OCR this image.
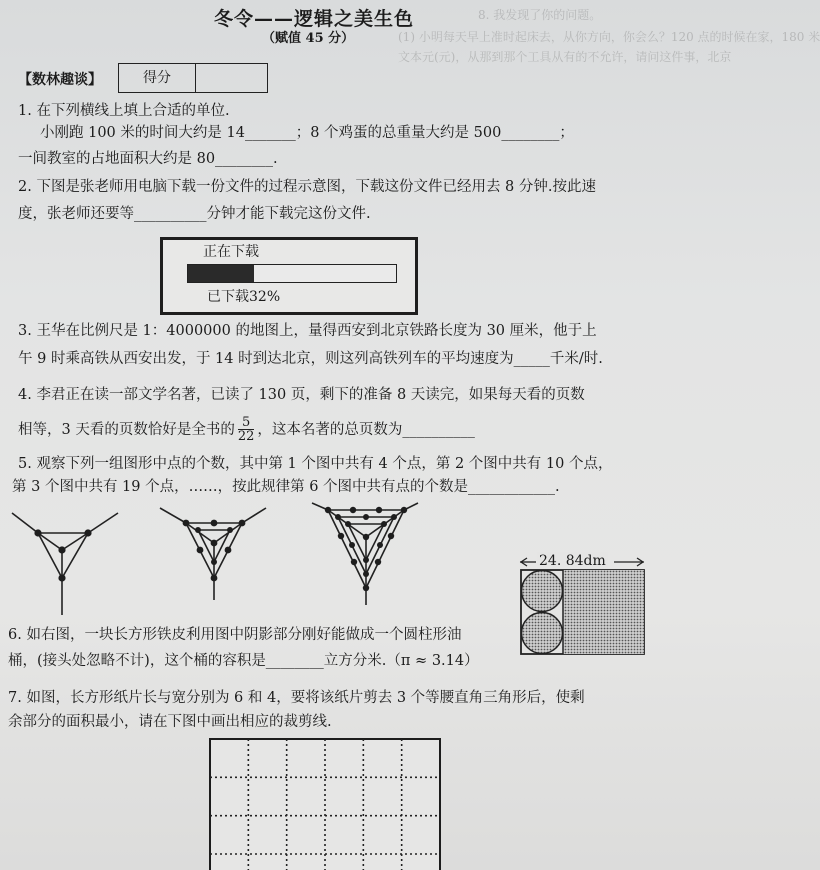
8. 我发现了你的问题。
(1) 小明每天早上准时起床去，从你方向，你会么？120 点的时候在家，180 米
文本元(元)，从那到那个工具从有的不允许，请问这件事，北京
冬令——逻辑之美生色
（赋值 45 分）
【数林趣谈】	得分
1. 在下列横线上填上合适的单位.
小刚跑 100 米的时间大约是 14_______；8 个鸡蛋的总重量大约是 500________；
一间教室的占地面积大约是 80________.
2. 下图是张老师用电脑下载一份文件的过程示意图，下载这份文件已经用去 8 分钟.按此速
度，张老师还要等__________分钟才能下载完这份文件.
正在下载
已下载32%
3. 王华在比例尺是 1：4000000 的地图上，量得西安到北京铁路长度为 30 厘米，他于上
午 9 时乘高铁从西安出发，于 14 时到达北京，则这列高铁列车的平均速度为_____千米/时.
4. 李君正在读一部文学名著，已读了 130 页，剩下的准备 8 天读完，如果每天看的页数
相等，3 天看的页数恰好是全书的 $\frac{5}{22}$ ，这本名著的总页数为__________
5. 观察下列一组图形中点的个数，其中第 1 个图中共有 4 个点，第 2 个图中共有 10 个点，
第 3 个图中共有 19 个点，……，按此规律第 6 个图中共有点的个数是____________.
24. 84dm
6. 如右图，一块长方形铁皮利用图中阴影部分刚好能做成一个圆柱形油
桶，(接头处忽略不计)，这个桶的容积是________立方分米.（π ≈ 3.14）
7. 如图，长方形纸片长与宽分别为 6 和 4，要将该纸片剪去 3 个等腰直角三角形后，使剩
余部分的面积最小，请在下图中画出相应的裁剪线.
